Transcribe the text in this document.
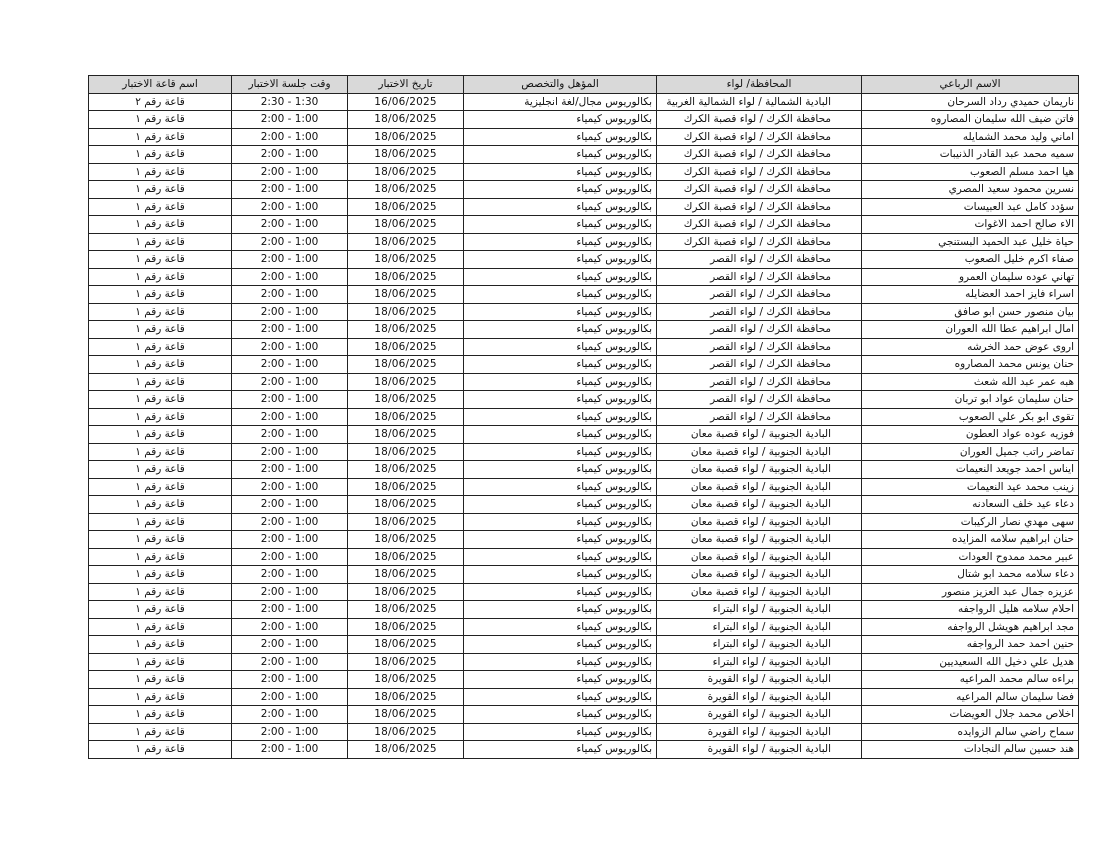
الاسم الرباعي	المحافظة/ لواء	المؤهل والتخصص	تاريخ الاختبار	وقت جلسة الاختبار	اسم قاعة الاختبار
ناريمان حميدي رداد السرحان	البادية الشمالية / لواء الشمالية الغربية	بكالوريوس مجال/لغة انجليزية	16/06/2025	2:30 - 1:30	قاعة رقم ٢
فاتن ضيف الله سليمان المصاروه	محافظة الكرك / لواء قصبة الكرك	بكالوريوس كيمياء	18/06/2025	2:00 - 1:00	قاعة رقم ١
اماني وليد محمد الشمايله	محافظة الكرك / لواء قصبة الكرك	بكالوريوس كيمياء	18/06/2025	2:00 - 1:00	قاعة رقم ١
سميه محمد عبد القادر الذنيبات	محافظة الكرك / لواء قصبة الكرك	بكالوريوس كيمياء	18/06/2025	2:00 - 1:00	قاعة رقم ١
هيا احمد مسلم الصعوب	محافظة الكرك / لواء قصبة الكرك	بكالوريوس كيمياء	18/06/2025	2:00 - 1:00	قاعة رقم ١
نسرين محمود سعيد المصري	محافظة الكرك / لواء قصبة الكرك	بكالوريوس كيمياء	18/06/2025	2:00 - 1:00	قاعة رقم ١
سؤدد كامل عبد العبيسات	محافظة الكرك / لواء قصبة الكرك	بكالوريوس كيمياء	18/06/2025	2:00 - 1:00	قاعة رقم ١
الاء صالح احمد الاغوات	محافظة الكرك / لواء قصبة الكرك	بكالوريوس كيمياء	18/06/2025	2:00 - 1:00	قاعة رقم ١
حياة خليل عبد الحميد البستنجي	محافظة الكرك / لواء قصبة الكرك	بكالوريوس كيمياء	18/06/2025	2:00 - 1:00	قاعة رقم ١
صفاء اكرم خليل الصعوب	محافظة الكرك / لواء القصر	بكالوريوس كيمياء	18/06/2025	2:00 - 1:00	قاعة رقم ١
تهاني عوده سليمان العمرو	محافظة الكرك / لواء القصر	بكالوريوس كيمياء	18/06/2025	2:00 - 1:00	قاعة رقم ١
اسراء فايز احمد العضايله	محافظة الكرك / لواء القصر	بكالوريوس كيمياء	18/06/2025	2:00 - 1:00	قاعة رقم ١
بيان منصور حسن ابو صافق	محافظة الكرك / لواء القصر	بكالوريوس كيمياء	18/06/2025	2:00 - 1:00	قاعة رقم ١
امال ابراهيم عطا الله العوران	محافظة الكرك / لواء القصر	بكالوريوس كيمياء	18/06/2025	2:00 - 1:00	قاعة رقم ١
اروى عوض حمد الخرشه	محافظة الكرك / لواء القصر	بكالوريوس كيمياء	18/06/2025	2:00 - 1:00	قاعة رقم ١
حنان يونس محمد المصاروه	محافظة الكرك / لواء القصر	بكالوريوس كيمياء	18/06/2025	2:00 - 1:00	قاعة رقم ١
هبه عمر عبد الله شعث	محافظة الكرك / لواء القصر	بكالوريوس كيمياء	18/06/2025	2:00 - 1:00	قاعة رقم ١
حنان سليمان عواد ابو تربان	محافظة الكرك / لواء القصر	بكالوريوس كيمياء	18/06/2025	2:00 - 1:00	قاعة رقم ١
تقوى ابو بكر علي الصعوب	محافظة الكرك / لواء القصر	بكالوريوس كيمياء	18/06/2025	2:00 - 1:00	قاعة رقم ١
فوزيه عوده عواد العطون	البادية الجنوبية / لواء قصبة معان	بكالوريوس كيمياء	18/06/2025	2:00 - 1:00	قاعة رقم ١
تماضر راتب جميل العوران	البادية الجنوبية / لواء قصبة معان	بكالوريوس كيمياء	18/06/2025	2:00 - 1:00	قاعة رقم ١
ايناس احمد جويعد النعيمات	البادية الجنوبية / لواء قصبة معان	بكالوريوس كيمياء	18/06/2025	2:00 - 1:00	قاعة رقم ١
زينب محمد عيد النعيمات	البادية الجنوبية / لواء قصبة معان	بكالوريوس كيمياء	18/06/2025	2:00 - 1:00	قاعة رقم ١
دعاء عيد خلف السعادنه	البادية الجنوبية / لواء قصبة معان	بكالوريوس كيمياء	18/06/2025	2:00 - 1:00	قاعة رقم ١
سهى مهدي نصار الركيبات	البادية الجنوبية / لواء قصبة معان	بكالوريوس كيمياء	18/06/2025	2:00 - 1:00	قاعة رقم ١
حنان ابراهيم سلامه المزايده	البادية الجنوبية / لواء قصبة معان	بكالوريوس كيمياء	18/06/2025	2:00 - 1:00	قاعة رقم ١
عبير محمد ممدوح العودات	البادية الجنوبية / لواء قصبة معان	بكالوريوس كيمياء	18/06/2025	2:00 - 1:00	قاعة رقم ١
دعاء سلامه محمد ابو شتال	البادية الجنوبية / لواء قصبة معان	بكالوريوس كيمياء	18/06/2025	2:00 - 1:00	قاعة رقم ١
عزيزه جمال عبد العزيز منصور	البادية الجنوبية / لواء قصبة معان	بكالوريوس كيمياء	18/06/2025	2:00 - 1:00	قاعة رقم ١
احلام سلامه هليل الرواجفه	البادية الجنوبية / لواء البتراء	بكالوريوس كيمياء	18/06/2025	2:00 - 1:00	قاعة رقم ١
مجد ابراهيم هويشل الرواجفه	البادية الجنوبية / لواء البتراء	بكالوريوس كيمياء	18/06/2025	2:00 - 1:00	قاعة رقم ١
حنين احمد حمد الرواجفه	البادية الجنوبية / لواء البتراء	بكالوريوس كيمياء	18/06/2025	2:00 - 1:00	قاعة رقم ١
هديل علي دخيل الله السعيديين	البادية الجنوبية / لواء البتراء	بكالوريوس كيمياء	18/06/2025	2:00 - 1:00	قاعة رقم ١
براءه سالم محمد المراعيه	البادية الجنوبية / لواء القويرة	بكالوريوس كيمياء	18/06/2025	2:00 - 1:00	قاعة رقم ١
فضا سليمان سالم المراعيه	البادية الجنوبية / لواء القويرة	بكالوريوس كيمياء	18/06/2025	2:00 - 1:00	قاعة رقم ١
اخلاص محمد جلال العويضات	البادية الجنوبية / لواء القويرة	بكالوريوس كيمياء	18/06/2025	2:00 - 1:00	قاعة رقم ١
سماح راضي سالم الزوايده	البادية الجنوبية / لواء القويرة	بكالوريوس كيمياء	18/06/2025	2:00 - 1:00	قاعة رقم ١
هند حسين سالم النجادات	البادية الجنوبية / لواء القويرة	بكالوريوس كيمياء	18/06/2025	2:00 - 1:00	قاعة رقم ١
